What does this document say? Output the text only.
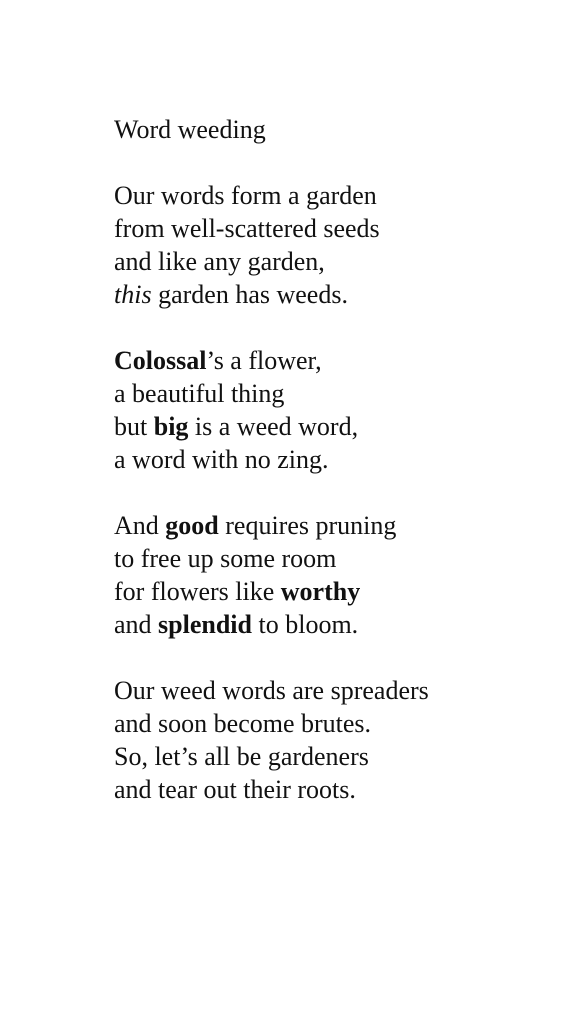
Word weeding
Our words form a garden
from well-scattered seeds
and like any garden,
this garden has weeds.
Colossal’s a flower,
a beautiful thing
but big is a weed word,
a word with no zing.
And good requires pruning
to free up some room
for flowers like worthy
and splendid to bloom.
Our weed words are spreaders
and soon become brutes.
So, let’s all be gardeners
and tear out their roots.
